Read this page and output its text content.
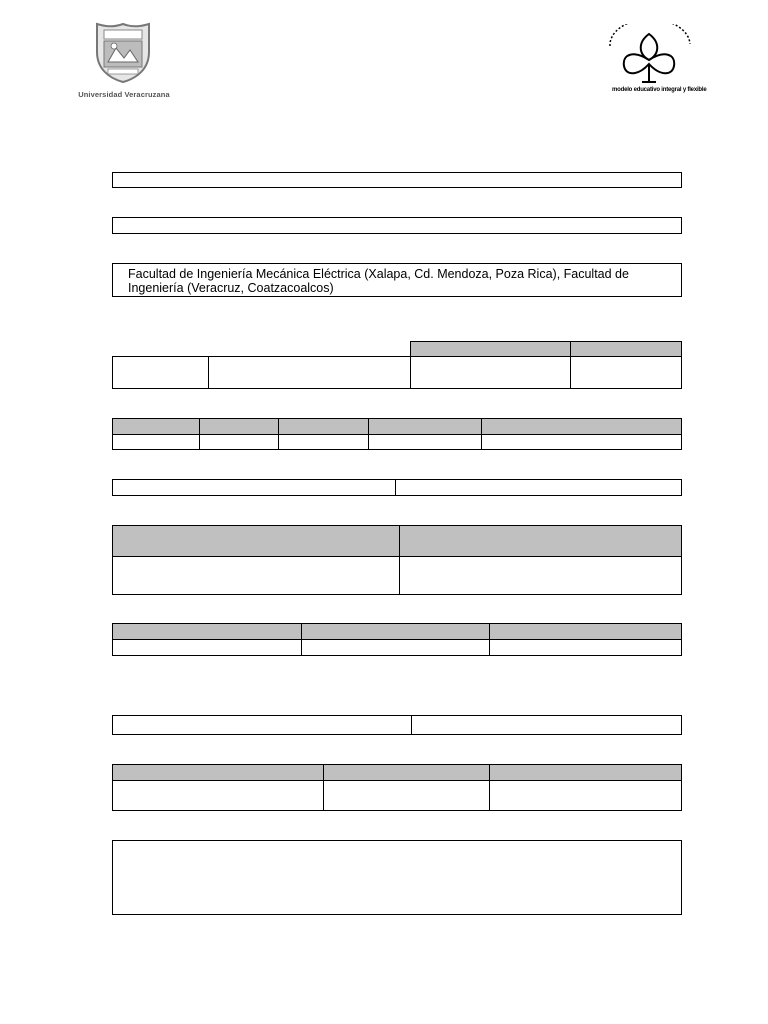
Universidad Veracruzana	modelo educativo integral y flexible
Facultad de Ingeniería Mecánica Eléctrica (Xalapa, Cd. Mendoza, Poza Rica), Facultad de Ingeniería (Veracruz, Coatzacoalcos)
